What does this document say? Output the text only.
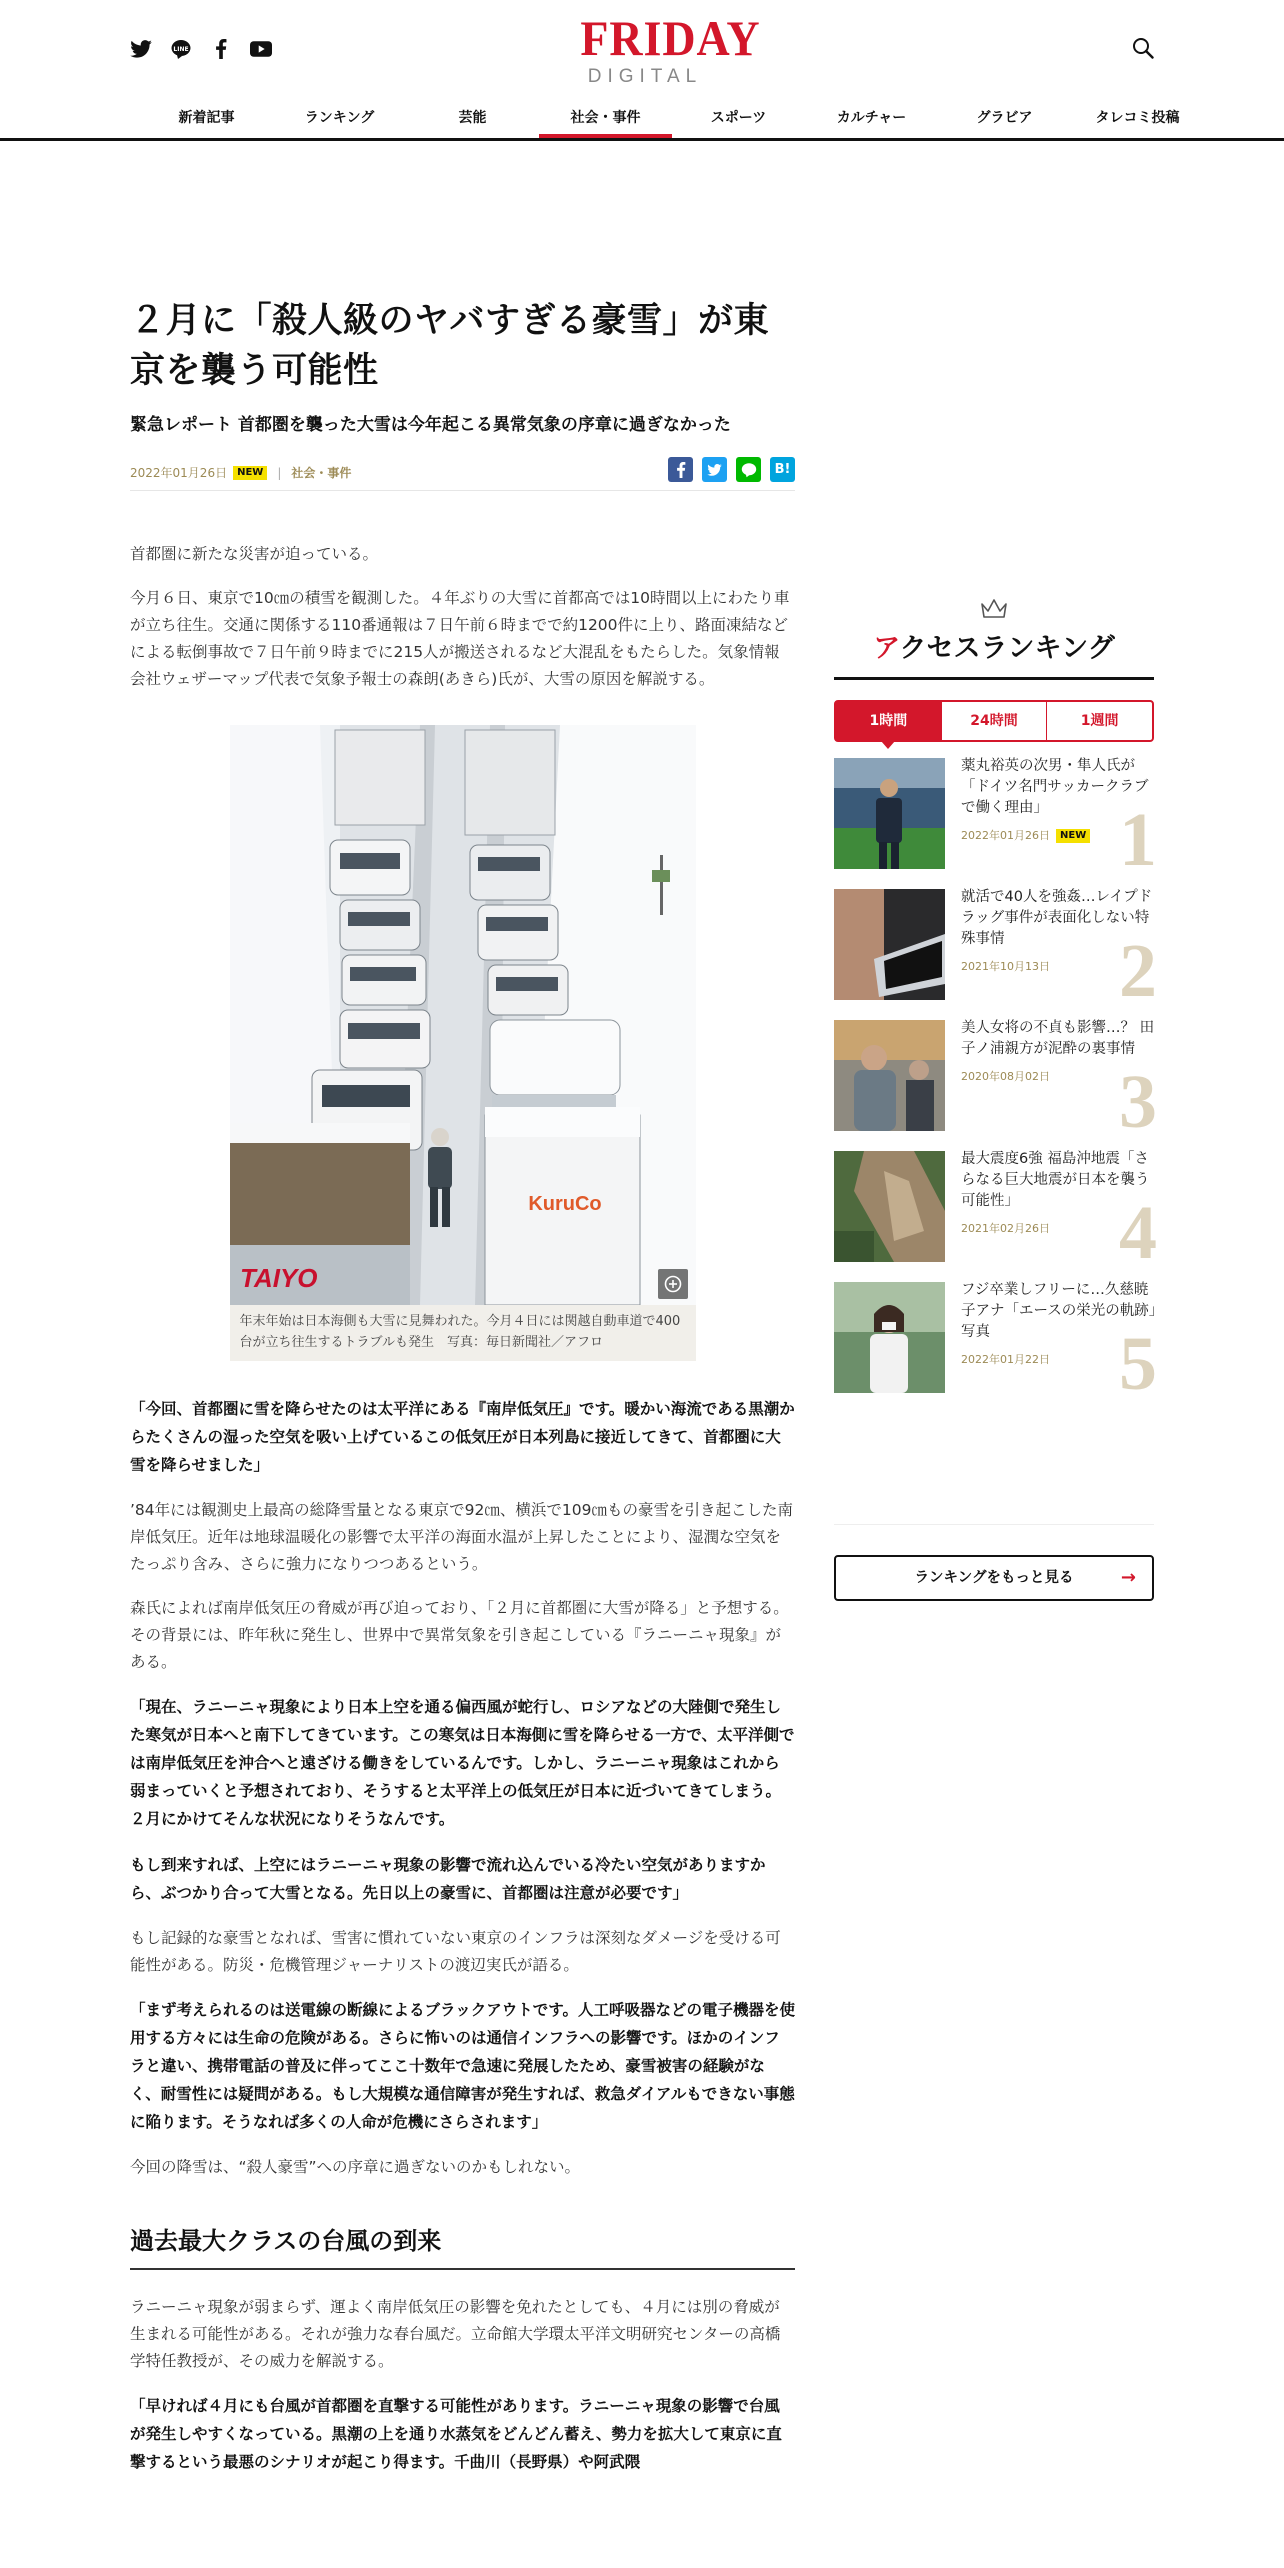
LINE	FRIDAY
DIGITAL
新着記事	ランキング	芸能	社会・事件	スポーツ	カルチャー	グラビア	タレコミ投稿
２月に「殺人級のヤバすぎる豪雪」が東京を襲う可能性
緊急レポート 首都圏を襲った大雪は今年起こる異常気象の序章に過ぎなかった
2022年01月26日	NEW	| 社会・事件	B!

首都圏に新たな災害が迫っている。

今月６日、東京で10㎝の積雪を観測した。４年ぶりの大雪に首都高では10時間以上にわたり車が立ち往生。交通に関係する110番通報は７日午前６時までで約1200件に上り、路面凍結などによる転倒事故で７日午前９時までに215人が搬送されるなど大混乱をもたらした。気象情報会社ウェザーマップ代表で気象予報士の森朗(あきら)氏が、大雪の原因を解説する。

TAIYO
KuruCo
年末年始は日本海側も大雪に見舞われた。今月４日には関越自動車道で400台が立ち往生するトラブルも発生　写真：毎日新聞社／アフロ

「今回、首都圏に雪を降らせたのは太平洋にある『南岸低気圧』です。暖かい海流である黒潮からたくさんの湿った空気を吸い上げているこの低気圧が日本列島に接近してきて、首都圏に大雪を降らせました」

’84年には観測史上最高の総降雪量となる東京で92㎝、横浜で109㎝もの豪雪を引き起こした南岸低気圧。近年は地球温暖化の影響で太平洋の海面水温が上昇したことにより、湿潤な空気をたっぷり含み、さらに強力になりつつあるという。

森氏によれば南岸低気圧の脅威が再び迫っており、「２月に首都圏に大雪が降る」と予想する。その背景には、昨年秋に発生し、世界中で異常気象を引き起こしている『ラニーニャ現象』がある。

「現在、ラニーニャ現象により日本上空を通る偏西風が蛇行し、ロシアなどの大陸側で発生した寒気が日本へと南下してきています。この寒気は日本海側に雪を降らせる一方で、太平洋側では南岸低気圧を沖合へと遠ざける働きをしているんです。しかし、ラニーニャ現象はこれから弱まっていくと予想されており、そうすると太平洋上の低気圧が日本に近づいてきてしまう。２月にかけてそんな状況になりそうなんです。

もし到来すれば、上空にはラニーニャ現象の影響で流れ込んでいる冷たい空気がありますから、ぶつかり合って大雪となる。先日以上の豪雪に、首都圏は注意が必要です」

もし記録的な豪雪となれば、雪害に慣れていない東京のインフラは深刻なダメージを受ける可能性がある。防災・危機管理ジャーナリストの渡辺実氏が語る。

「まず考えられるのは送電線の断線によるブラックアウトです。人工呼吸器などの電子機器を使用する方々には生命の危険がある。さらに怖いのは通信インフラへの影響です。ほかのインフラと違い、携帯電話の普及に伴ってここ十数年で急速に発展したため、豪雪被害の経験がなく、耐雪性には疑問がある。もし大規模な通信障害が発生すれば、救急ダイアルもできない事態に陥ります。そうなれば多くの人命が危機にさらされます」

今回の降雪は、“殺人豪雪”への序章に過ぎないのかもしれない。

過去最大クラスの台風の到来

ラニーニャ現象が弱まらず、運よく南岸低気圧の影響を免れたとしても、４月には別の脅威が生まれる可能性がある。それが強力な春台風だ。立命館大学環太平洋文明研究センターの高橋学特任教授が、その威力を解説する。

「早ければ４月にも台風が首都圏を直撃する可能性があります。ラニーニャ現象の影響で台風が発生しやすくなっている。黒潮の上を通り水蒸気をどんどん蓄え、勢力を拡大して東京に直撃するという最悪のシナリオが起こり得ます。千曲川（長野県）や阿武隈

アクセスランキング
1時間	24時間	1週間
薬丸裕英の次男・隼人氏が「ドイツ名門サッカークラブで働く理由」
2022年01月26日	NEW 1
就活で40人を強姦…レイプドラッグ事件が表面化しない特殊事情
2021年10月13日 2
美人女将の不貞も影響…？ 田子ノ浦親方が泥酔の裏事情
2020年08月02日 3
最大震度6強 福島沖地震「さらなる巨大地震が日本を襲う可能性」
2021年02月26日 4
フジ卒業しフリーに…久慈暁子アナ「エースの栄光の軌跡」写真
2022年01月22日 5
ランキングをもっと見る	→
